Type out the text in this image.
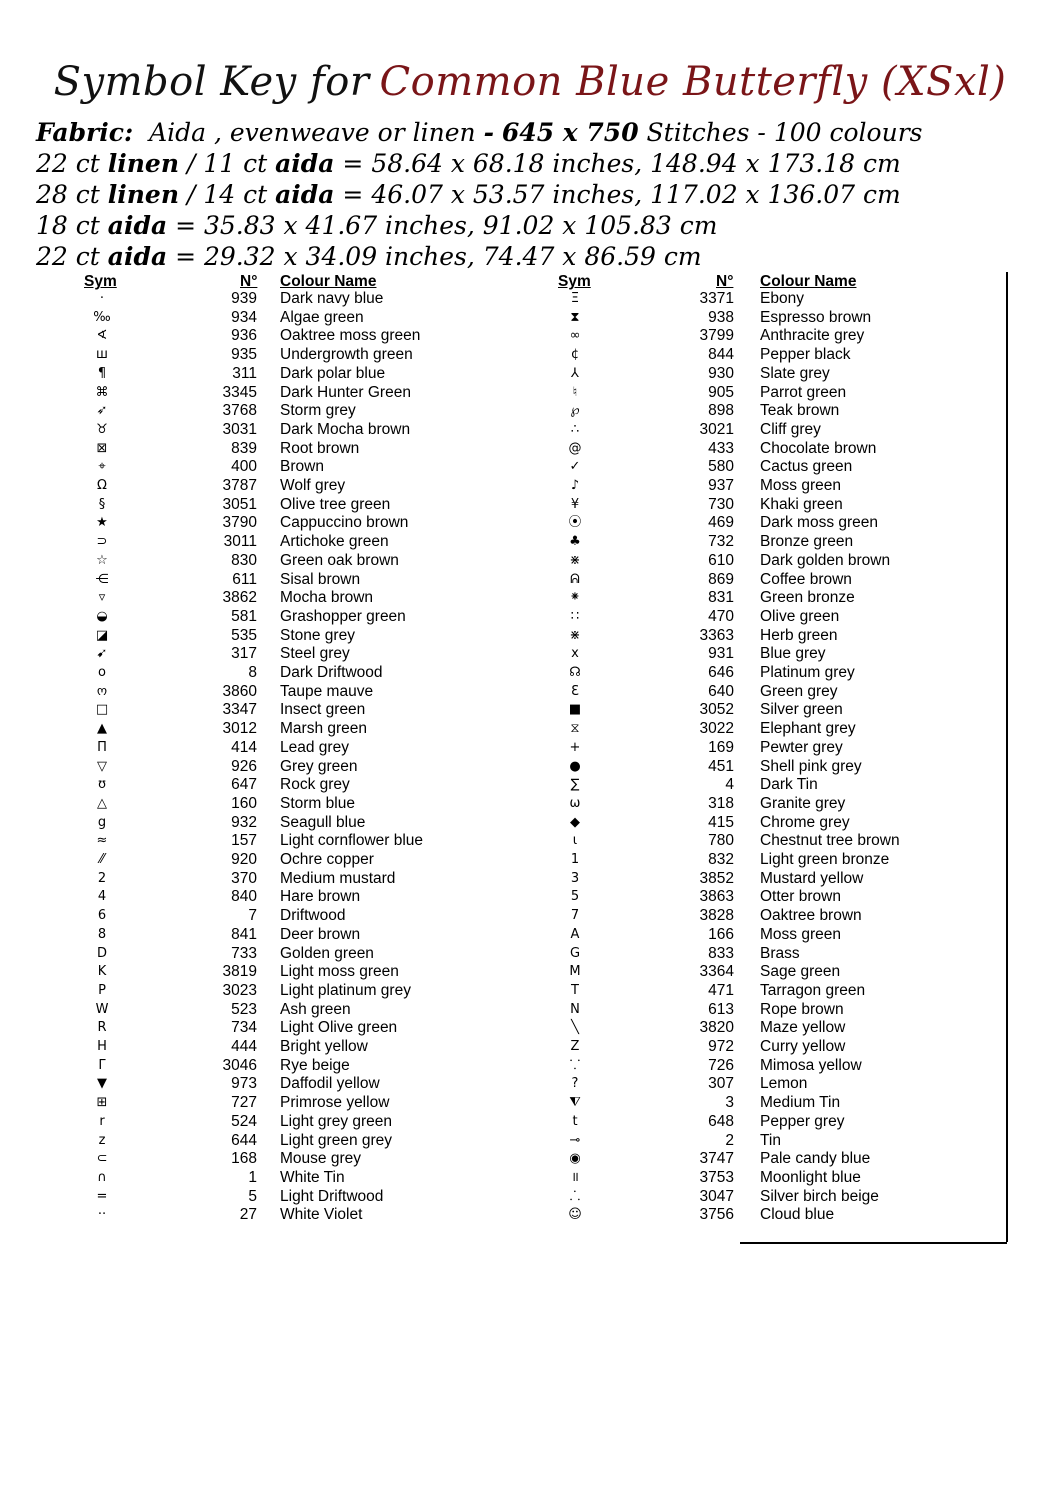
Symbol Key for Common Blue Butterfly (XSxl)
Fabric: Aida , evenweave or linen - 645 x 750 Stitches - 100 colours
22 ct linen / 11 ct aida = 58.64 x 68.18 inches, 148.94 x 173.18 cm
28 ct linen / 14 ct aida = 46.07 x 53.57 inches, 117.02 x 136.07 cm
18 ct aida = 35.83 x 41.67 inches, 91.02 x 105.83 cm
22 ct aida = 29.32 x 34.09 inches, 74.47 x 86.59 cm
Sym	N° Colour Name	Sym	N° Colour Name
·	939 Dark navy blue
‰	934 Algae green
∢	936 Oaktree moss green
ш	935 Undergrowth green
¶	311 Dark polar blue
⌘	3345 Dark Hunter Green
➶	3768 Storm grey
♉	3031 Dark Mocha brown
⊠	839 Root brown
⌖	400 Brown
Ω	3787 Wolf grey
§	3051 Olive tree green
★	3790 Cappuccino brown
⊃	3011 Artichoke green
☆	830 Green oak brown
⋲	611 Sisal brown
▿	3862 Mocha brown
◒	581 Grashopper green
◪	535 Stone grey
➹	317 Steel grey
o	8 Dark Driftwood
ო	3860 Taupe mauve
□	3347 Insect green
▲	3012 Marsh green
Π	414 Lead grey
▽	926 Grey green
ʊ	647 Rock grey
△	160 Storm blue
g	932 Seagull blue
≈	157 Light cornflower blue
⁄⁄	920 Ochre copper
2	370 Medium mustard
4	840 Hare brown
6	7 Driftwood
8	841 Deer brown
D	733 Golden green
K	3819 Light moss green
P	3023 Light platinum grey
W	523 Ash green
R	734 Light Olive green
H	444 Bright yellow
Γ	3046 Rye beige
▼	973 Daffodil yellow
⊞	727 Primrose yellow
r	524 Light grey green
z	644 Light green grey
⊂	168 Mouse grey
∩	1 White Tin
=	5 Light Driftwood
··	27 White Violet
Ξ	3371 Ebony
⧗	938 Espresso brown
∞	3799 Anthracite grey
¢	844 Pepper black
⅄	930 Slate grey
♮	905 Parrot green
℘	898 Teak brown
∴	3021 Cliff grey
@	433 Chocolate brown
✓	580 Cactus green
♪	937 Moss green
¥	730 Khaki green
⦿	469 Dark moss green
♣	732 Bronze green
⋇	610 Dark golden brown
ᕱ	869 Coffee brown
⁕	831 Green bronze
∷	470 Olive green
⋇	3363 Herb green
x	931 Blue grey
☊	646 Platinum grey
Ɛ	640 Green grey
■	3052 Silver green
⧖	3022 Elephant grey
+	169 Pewter grey
●	451 Shell pink grey
∑	4 Dark Tin
ω	318 Granite grey
◆	415 Chrome grey
ɩ	780 Chestnut tree brown
1	832 Light green bronze
3	3852 Mustard yellow
5	3863 Otter brown
7	3828 Oaktree brown
A	166 Moss green
G	833 Brass
M	3364 Sage green
T	471 Tarragon green
N	613 Rope brown
╲	3820 Maze yellow
Z	972 Curry yellow
⸪	726 Mimosa yellow
?	307 Lemon
⧨	3 Medium Tin
t	648 Pepper grey
⊸	2 Tin
◉	3747 Pale candy blue
॥	3753 Moonlight blue
⸫	3047 Silver birch beige
☺	3756 Cloud blue
